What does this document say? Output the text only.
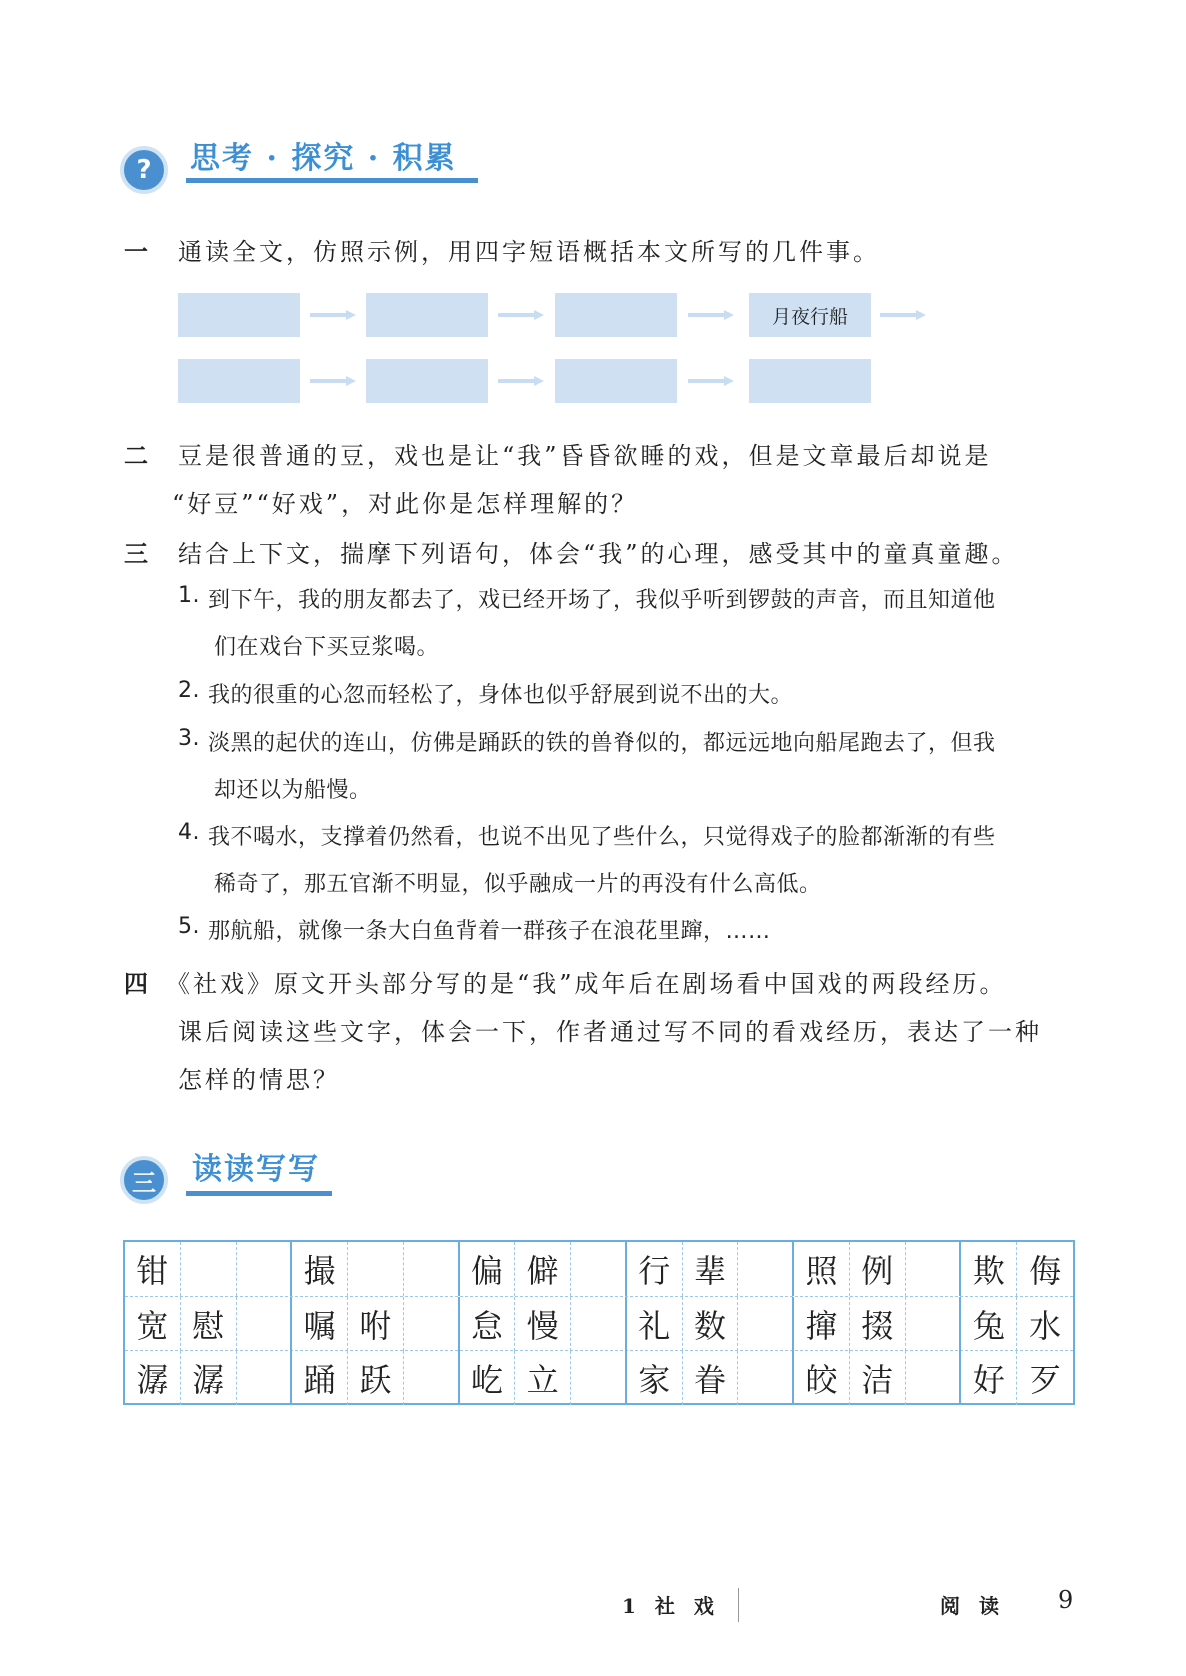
?	思考 · 探究 · 积累
一 通读全文，仿照示例，用四字短语概括本文所写的几件事。
月夜行船
二 豆是很普通的豆，戏也是让“我”昏昏欲睡的戏，但是文章最后却说是
“好豆”“好戏”，对此你是怎样理解的？
三 结合上下文，揣摩下列语句，体会“我”的心理，感受其中的童真童趣。
1. 到下午，我的朋友都去了，戏已经开场了，我似乎听到锣鼓的声音，而且知道他
们在戏台下买豆浆喝。
2. 我的很重的心忽而轻松了，身体也似乎舒展到说不出的大。
3. 淡黑的起伏的连山，仿佛是踊跃的铁的兽脊似的，都远远地向船尾跑去了，但我
却还以为船慢。
4. 我不喝水，支撑着仍然看，也说不出见了些什么，只觉得戏子的脸都渐渐的有些
稀奇了，那五官渐不明显，似乎融成一片的再没有什么高低。
5. 那航船，就像一条大白鱼背着一群孩子在浪花里蹿，……
四 《社戏》原文开头部分写的是“我”成年后在剧场看中国戏的两段经历。
课后阅读这些文字，体会一下，作者通过写不同的看戏经历，表达了一种
怎样的情思？
三	读读写写
钳	撮	偏 僻	行 辈	照 例	欺 侮
宽 慰	嘱 咐	怠 慢	礼 数	撺 掇	兔 水
潺 潺	踊 跃	屹 立	家 眷	皎 洁	好 歹
1 社 戏	阅 读 9
